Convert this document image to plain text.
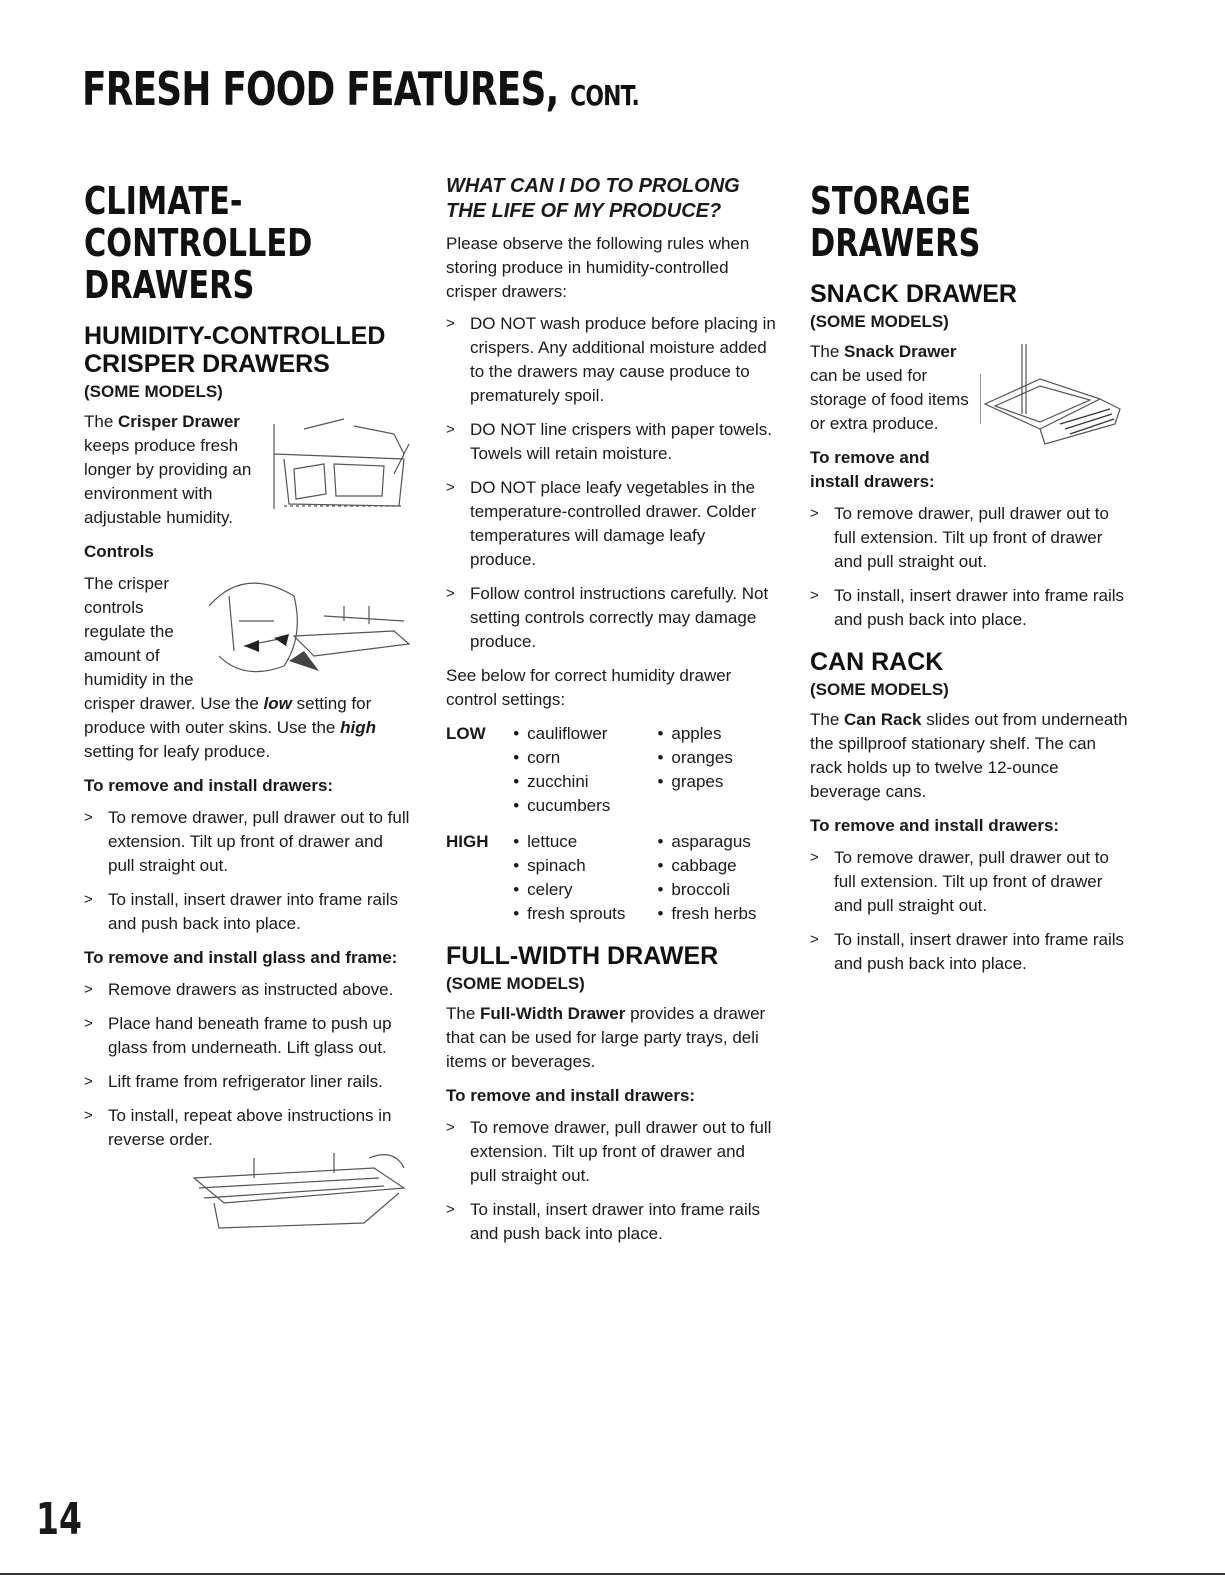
FRESH FOOD FEATURES, CONT.
CLIMATE-CONTROLLED
DRAWERS
HUMIDITY-CONTROLLED CRISPER DRAWERS
(SOME MODELS)

The Crisper Drawer keeps produce fresh longer by providing an environment with adjustable humidity.

Controls

The crisper controls regulate the amount of humidity in the crisper drawer. Use the low setting for produce with outer skins. Use the high setting for leafy produce.

To remove and install drawers:
> To remove drawer, pull drawer out to full extension. Tilt up front of drawer and pull straight out.
> To install, insert drawer into frame rails and push back into place.
To remove and install glass and frame:
> Remove drawers as instructed above.
> Place hand beneath frame to push up glass from underneath. Lift glass out.
> Lift frame from refrigerator liner rails.
> To install, repeat above instructions in reverse order.
WHAT CAN I DO TO PROLONG
THE LIFE OF MY PRODUCE?

Please observe the following rules when storing produce in humidity-controlled crisper drawers:

> DO NOT wash produce before placing in crispers. Any additional moisture added to the drawers may cause produce to prematurely spoil.
> DO NOT line crispers with paper towels. Towels will retain moisture.
> DO NOT place leafy vegetables in the temperature-controlled drawer. Colder temperatures will damage leafy produce.
> Follow control instructions carefully. Not setting controls correctly may damage produce.

See below for correct humidity drawer control settings:

LOW	• cauliflower
• corn
• zucchini
• cucumbers
• apples
• oranges
• grapes
HIGH	• lettuce
• spinach
• celery
• fresh sprouts
• asparagus
• cabbage
• broccoli
• fresh herbs
FULL-WIDTH DRAWER
(SOME MODELS)

The Full-Width Drawer provides a drawer that can be used for large party trays, deli items or beverages.

To remove and install drawers:
> To remove drawer, pull drawer out to full extension. Tilt up front of drawer and pull straight out.
> To install, insert drawer into frame rails and push back into place.
STORAGE DRAWERS
SNACK DRAWER
(SOME MODELS)

The Snack Drawer can be used for storage of food items or extra produce.

To remove and install drawers:
> To remove drawer, pull drawer out to full extension. Tilt up front of drawer and pull straight out.
> To install, insert drawer into frame rails and push back into place.
CAN RACK
(SOME MODELS)

The Can Rack slides out from underneath the spillproof stationary shelf. The can rack holds up to twelve 12-ounce beverage cans.

To remove and install drawers:
> To remove drawer, pull drawer out to full extension. Tilt up front of drawer and pull straight out.
> To install, insert drawer into frame rails and push back into place.
14
